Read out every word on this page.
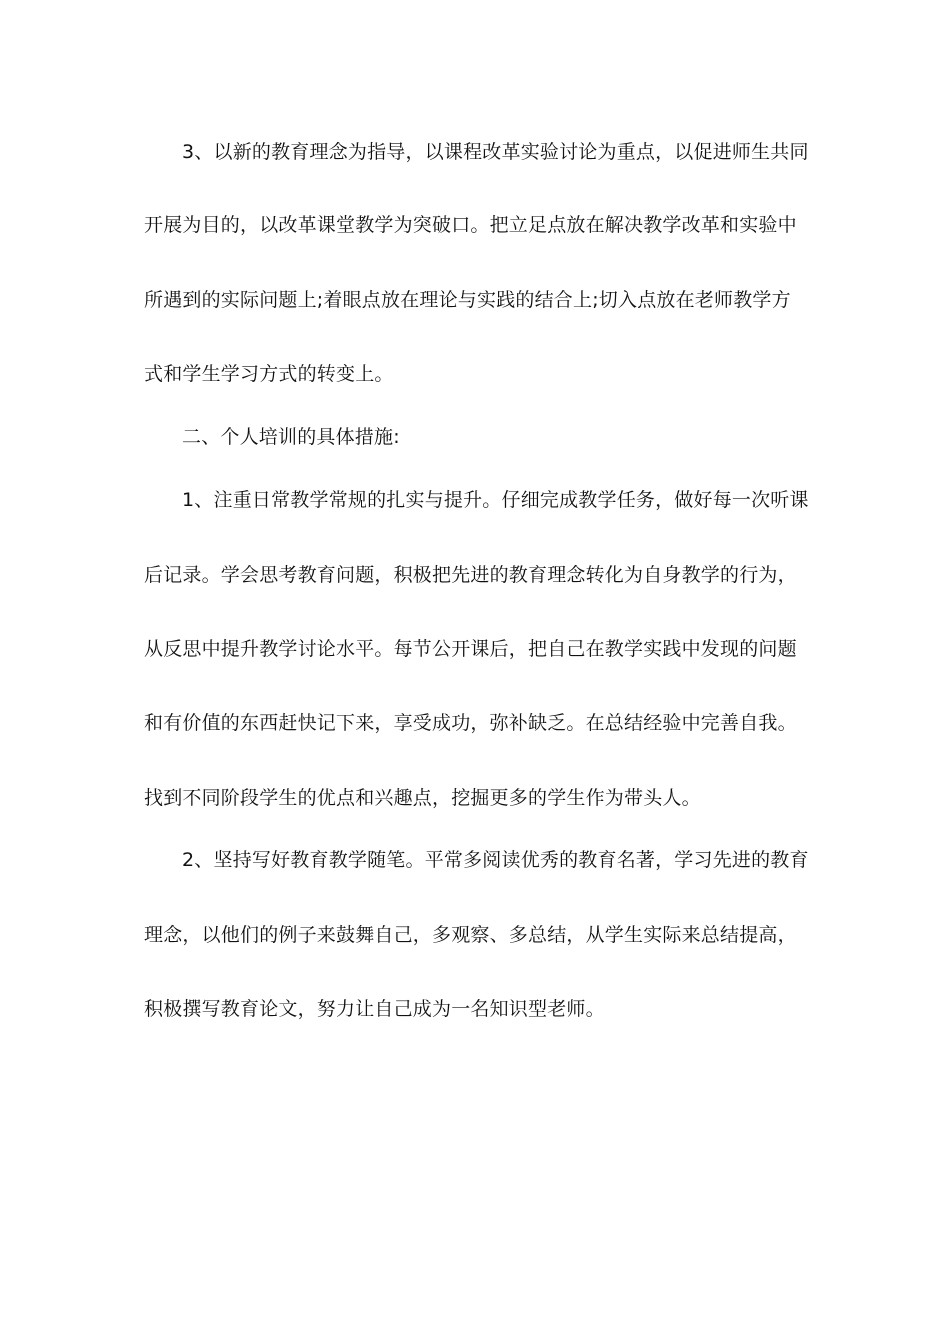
3、以新的教育理念为指导，以课程改革实验讨论为重点，以促进师生共同
开展为目的，以改革课堂教学为突破口。把立足点放在解决教学改革和实验中
所遇到的实际问题上;着眼点放在理论与实践的结合上;切入点放在老师教学方
式和学生学习方式的转变上。
二、个人培训的具体措施:
1、注重日常教学常规的扎实与提升。仔细完成教学任务，做好每一次听课
后记录。学会思考教育问题，积极把先进的教育理念转化为自身教学的行为，
从反思中提升教学讨论水平。每节公开课后，把自己在教学实践中发现的问题
和有价值的东西赶快记下来，享受成功，弥补缺乏。在总结经验中完善自我。
找到不同阶段学生的优点和兴趣点，挖掘更多的学生作为带头人。
2、坚持写好教育教学随笔。平常多阅读优秀的教育名著，学习先进的教育
理念，以他们的例子来鼓舞自己，多观察、多总结，从学生实际来总结提高，
积极撰写教育论文，努力让自己成为一名知识型老师。
